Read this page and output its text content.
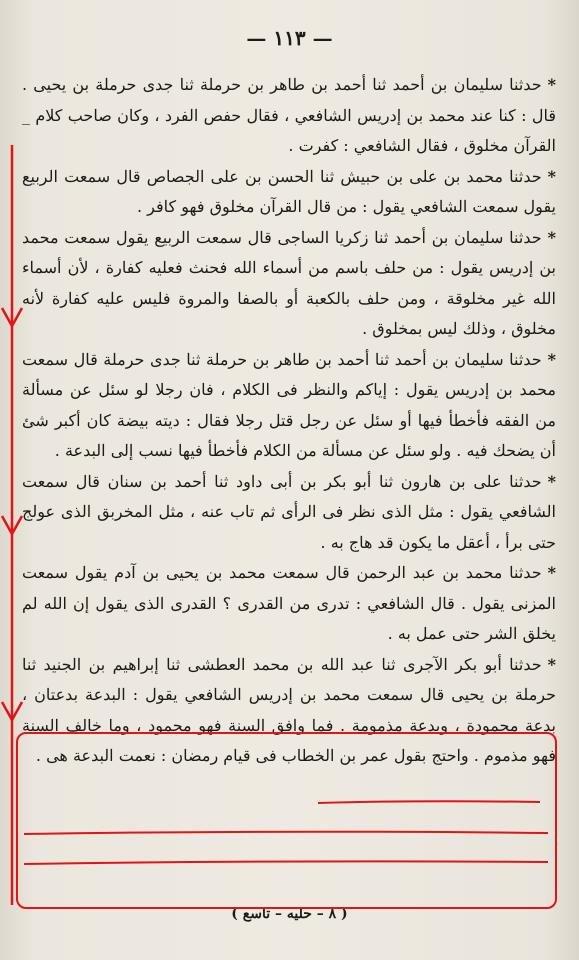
— ١١٣ —

*حدثنا سليمان بن أحمد ثنا أحمد بن طاهر بن حرملة ثنا جدى حرملة بن يحيى . قال : كنا عند محمد بن إدريس الشافعي ، فقال حفص الفرد ، وكان صاحب كلام _ القرآن مخلوق ، فقال الشافعي : كفرت .

*حدثنا محمد بن على بن حبيش ثنا الحسن بن على الجصاص قال سمعت الربيع يقول سمعت الشافعي يقول : من قال القرآن مخلوق فهو كافر .

*حدثنا سليمان بن أحمد ثنا زكريا الساجى قال سمعت الربيع يقول سمعت محمد بن إدريس يقول : من حلف باسم من أسماء الله فحنث فعليه كفارة ، لأن أسماء الله غير مخلوقة ، ومن حلف بالكعبة أو بالصفا والمروة فليس عليه كفارة لأنه مخلوق ، وذلك ليس بمخلوق .

*حدثنا سليمان بن أحمد ثنا أحمد بن طاهر بن حرملة ثنا جدى حرملة قال سمعت محمد بن إدريس يقول : إياكم والنظر فى الكلام ، فان رجلا لو سئل عن مسألة من الفقه فأخطأ فيها أو سئل عن رجل قتل رجلا فقال : ديته بيضة كان أكبر شئ أن يضحك فيه . ولو سئل عن مسألة من الكلام فأخطأ فيها نسب إلى البدعة .

*حدثنا على بن هارون ثنا أبو بكر بن أبى داود ثنا أحمد بن سنان قال سمعت الشافعي يقول : مثل الذى نظر فى الرأى ثم تاب عنه ، مثل المخربق الذى عولج حتى برأ ، أعقل ما يكون قد هاج به .

*حدثنا محمد بن عبد الرحمن قال سمعت محمد بن يحيى بن آدم يقول سمعت المزنى يقول . قال الشافعي : تدرى من القدرى ؟ القدرى الذى يقول إن الله لم يخلق الشر حتى عمل به .

*حدثنا أبو بكر الآجرى ثنا عبد الله بن محمد العطشى ثنا إبراهيم بن الجنيد ثنا حرملة بن يحيى قال سمعت محمد بن إدريس الشافعي يقول : البدعة بدعتان ، بدعة محمودة ، وبدعة مذمومة . فما وافق السنة فهو محمود ، وما خالف السنة فهو مذموم . واحتج بقول عمر بن الخطاب فى قيام رمضان : نعمت البدعة هى .

( ٨ – حليه – تاسع )
